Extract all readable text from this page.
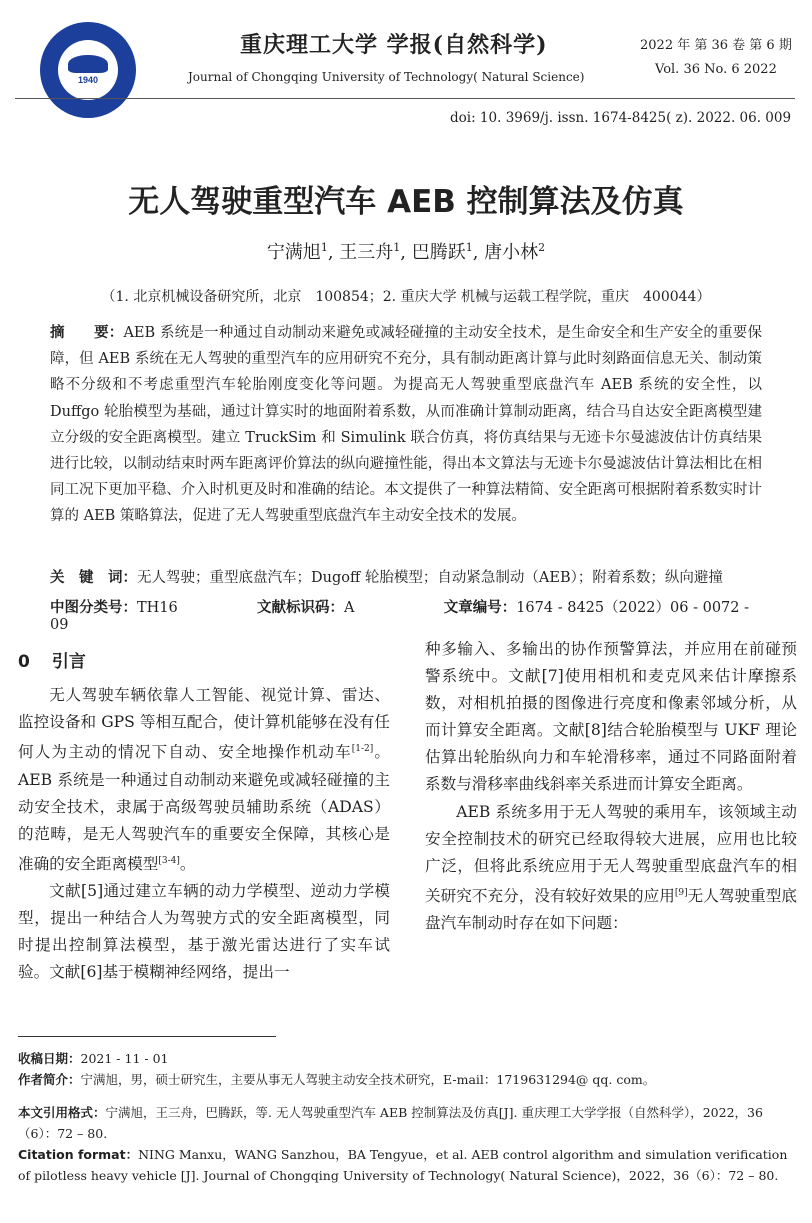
1940
重庆理工大学 学报(自然科学)
Journal of Chongqing University of Technology( Natural Science)
2022 年 第 36 卷 第 6 期
Vol. 36 No. 6 2022
doi: 10. 3969/j. issn. 1674-8425( z). 2022. 06. 009
无人驾驶重型汽车 AEB 控制算法及仿真
宁满旭$^1$, 王三舟$^1$, 巴腾跃$^1$, 唐小林$^2$
（1. 北京机械设备研究所，北京　100854；2. 重庆大学 机械与运载工程学院，重庆　400044）
摘　　要：AEB 系统是一种通过自动制动来避免或减轻碰撞的主动安全技术，是生命安全和生产安全的重要保障，但 AEB 系统在无人驾驶的重型汽车的应用研究不充分，具有制动距离计算与此时刻路面信息无关、制动策略不分级和不考虑重型汽车轮胎刚度变化等问题。为提高无人驾驶重型底盘汽车 AEB 系统的安全性，以 Duffgo 轮胎模型为基础，通过计算实时的地面附着系数，从而准确计算制动距离，结合马自达安全距离模型建立分级的安全距离模型。建立 TruckSim 和 Simulink 联合仿真，将仿真结果与无迹卡尔曼滤波估计仿真结果进行比较，以制动结束时两车距离评价算法的纵向避撞性能，得出本文算法与无迹卡尔曼滤波估计算法相比在相同工况下更加平稳、介入时机更及时和准确的结论。本文提供了一种算法精简、安全距离可根据附着系数实时计算的 AEB 策略算法，促进了无人驾驶重型底盘汽车主动安全技术的发展。
关　键　词：无人驾驶；重型底盘汽车；Dugoff 轮胎模型；自动紧急制动（AEB）；附着系数；纵向避撞
中图分类号：TH16	文献标识码：A	文章编号：1674 - 8425（2022）06 - 0072 - 09
0 引言

无人驾驶车辆依靠人工智能、视觉计算、雷达、监控设备和 GPS 等相互配合，使计算机能够在没有任何人为主动的情况下自动、安全地操作机动车[1-2]。AEB 系统是一种通过自动制动来避免或减轻碰撞的主动安全技术，隶属于高级驾驶员辅助系统（ADAS）的范畴，是无人驾驶汽车的重要安全保障，其核心是准确的安全距离模型[3-4]。

文献[5]通过建立车辆的动力学模型、逆动力学模型，提出一种结合人为驾驶方式的安全距离模型，同时提出控制算法模型，基于激光雷达进行了实车试验。文献[6]基于模糊神经网络，提出一

种多输入、多输出的协作预警算法，并应用在前碰预警系统中。文献[7]使用相机和麦克风来估计摩擦系数，对相机拍摄的图像进行亮度和像素邻域分析，从而计算安全距离。文献[8]结合轮胎模型与 UKF 理论估算出轮胎纵向力和车轮滑移率，通过不同路面附着系数与滑移率曲线斜率关系进而计算安全距离。

AEB 系统多用于无人驾驶的乘用车，该领域主动安全控制技术的研究已经取得较大进展，应用也比较广泛，但将此系统应用于无人驾驶重型底盘汽车的相关研究不充分，没有较好效果的应用[9]无人驾驶重型底盘汽车制动时存在如下问题：

收稿日期：2021 - 11 - 01
作者简介：宁满旭，男，硕士研究生，主要从事无人驾驶主动安全技术研究，E-mail：1719631294@ qq. com。
本文引用格式：宁满旭，王三舟，巴腾跃，等. 无人驾驶重型汽车 AEB 控制算法及仿真[J]. 重庆理工大学学报（自然科学），2022，36（6）：72 – 80.
Citation format：NING Manxu，WANG Sanzhou，BA Tengyue，et al. AEB control algorithm and simulation verification of pilotless heavy vehicle [J]. Journal of Chongqing University of Technology( Natural Science)，2022，36（6）：72 – 80.
